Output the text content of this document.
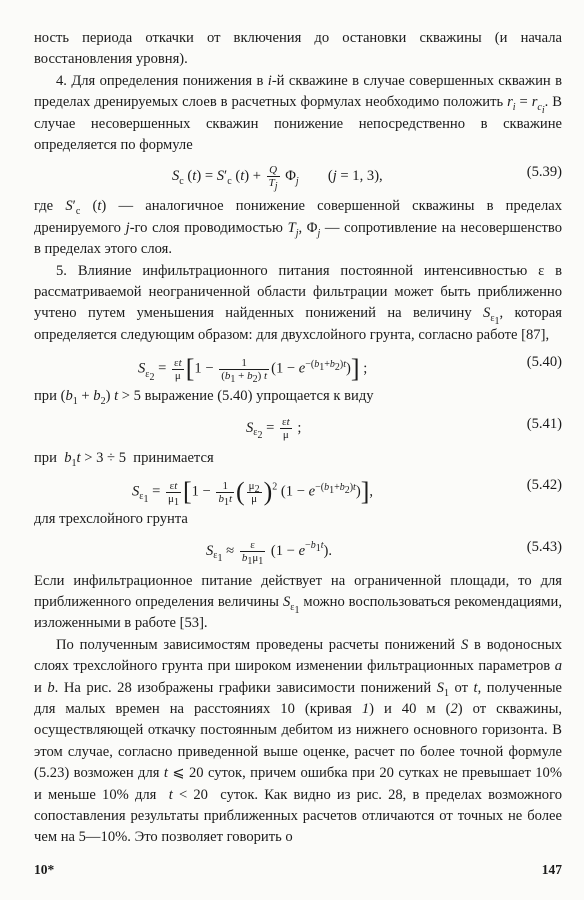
ность периода откачки от включения до остановки скважины (и начала восстановления уровня).

4. Для определения понижения в i-й скважине в случае совершенных скважин в пределах дренируемых слоев в расчетных формулах необходимо положить $r_i = r_{c_i}$. В случае несовершенных скважин понижение непосредственно в скважине определяется по формуле

$S_c$ $(t) = S'_c$ $(t) + \frac{Q}{T_j} \Phi_j$        (j = 1, 3),	(5.39)

где $S'_c$ (t) — аналогичное понижение совершенной скважины в пределах дренируемого j-го слоя проводимостью $T_j$, $\Phi_j$ — сопротивление на несовершенство в пределах этого слоя.

5. Влияние инфильтрационного питания постоянной интенсивностью ε в рассматриваемой неограниченной области фильтрации может быть приближенно учтено путем уменьшения найденных понижений на величину $S_{\varepsilon_1}$, которая определяется следующим образом: для двухслойного грунта, согласно работе [87],

$S_{\varepsilon_2} = \frac{\varepsilon t}{\mu} [1 - \frac{1}{(b_1 + b_2) t} (1 - e^{-(b_1+b_2)t})]$ ;	(5.40)

при $(b_1 + b_2) t > 5$ выражение (5.40) упрощается к виду

$S_{\varepsilon_2} = \frac{\varepsilon t}{\mu}$ ;	(5.41)

при  $b_1t > 3 \div 5$  принимается

$S_{\varepsilon_1} = \frac{\varepsilon t}{\mu_1} [1 - \frac{1}{b_1t}$ ( $\frac{\mu_2}{\mu} )^2$ $(1 - e^{-(b_1+b_2)t})$],	(5.42)

для трехслойного грунта

$S_{\varepsilon_1} \approx \frac{\varepsilon}{b_1\mu_1} (1 - e^{-b_1t})$.	(5.43)

Если инфильтрационное питание действует на ограниченной площади, то для приближенного определения величины $S_{\varepsilon_1}$ можно воспользоваться рекомендациями, изложенными в работе [53].

По полученным зависимостям проведены расчеты понижений S в водоносных слоях трехслойного грунта при широком изменении фильтрационных параметров a и b. На рис. 28 изображены графики зависимости понижений $S_1$ от t, полученные для малых времен на расстояниях 10 (кривая 1) и 40 м (2) от скважины, осуществляющей откачку постоянным дебитом из нижнего основного горизонта. В этом случае, согласно приведенной выше оценке, расчет по более точной формуле (5.23) возможен для t ⩽ 20 суток, причем ошибка при 20 сутках не превышает 10% и меньше 10% для  t < 20  суток. Как видно из рис. 28, в пределах возможного сопоставления результаты приближенных расчетов отличаются от точных не более чем на 5—10%. Это позволяет говорить о

10*	147
